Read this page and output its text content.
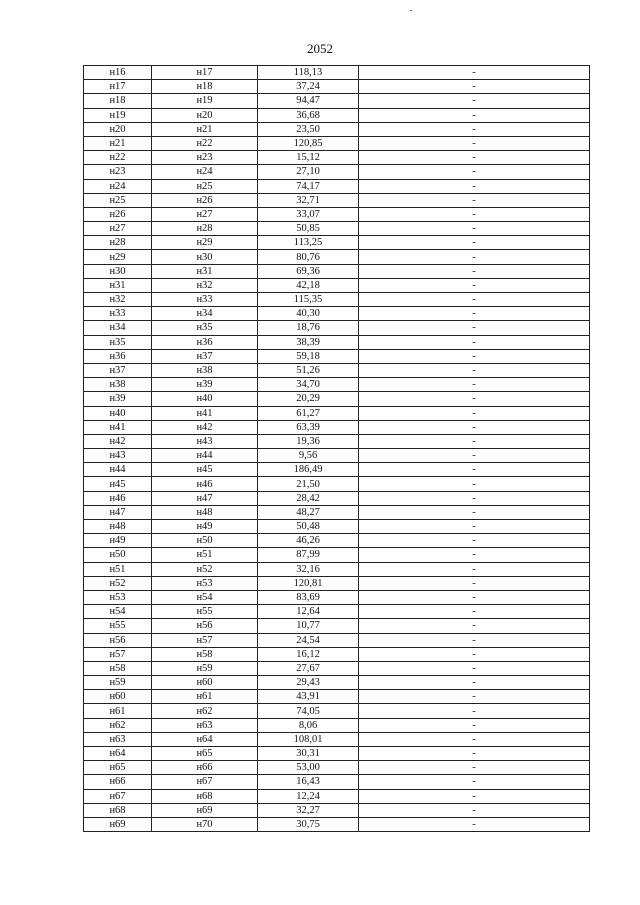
2052
н16	н17	118,13	-
н17	н18	37,24	-
н18	н19	94,47	-
н19	н20	36,68	-
н20	н21	23,50	-
н21	н22	120,85	-
н22	н23	15,12	-
н23	н24	27,10	-
н24	н25	74,17	-
н25	н26	32,71	-
н26	н27	33,07	-
н27	н28	50,85	-
н28	н29	113,25	-
н29	н30	80,76	-
н30	н31	69,36	-
н31	н32	42,18	-
н32	н33	115,35	-
н33	н34	40,30	-
н34	н35	18,76	-
н35	н36	38,39	-
н36	н37	59,18	-
н37	н38	51,26	-
н38	н39	34,70	-
н39	н40	20,29	-
н40	н41	61,27	-
н41	н42	63,39	-
н42	н43	19,36	-
н43	н44	9,56	-
н44	н45	186,49	-
н45	н46	21,50	-
н46	н47	28,42	-
н47	н48	48,27	-
н48	н49	50,48	-
н49	н50	46,26	-
н50	н51	87,99	-
н51	н52	32,16	-
н52	н53	120,81	-
н53	н54	83,69	-
н54	н55	12,64	-
н55	н56	10,77	-
н56	н57	24,54	-
н57	н58	16,12	-
н58	н59	27,67	-
н59	н60	29,43	-
н60	н61	43,91	-
н61	н62	74,05	-
н62	н63	8,06	-
н63	н64	108,01	-
н64	н65	30,31	-
н65	н66	53,00	-
н66	н67	16,43	-
н67	н68	12,24	-
н68	н69	32,27	-
н69	н70	30,75	-
